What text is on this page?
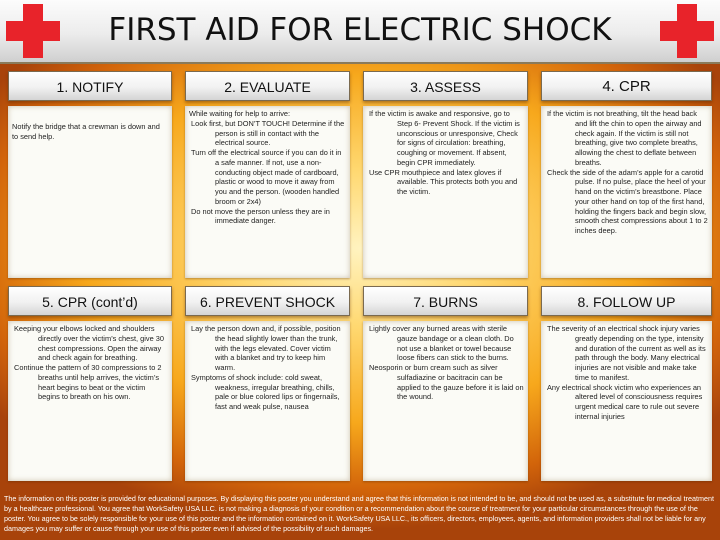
FIRST AID FOR ELECTRIC SHOCK
1. NOTIFY	2. EVALUATE	3. ASSESS	4. CPR

Notify the bridge that a crewman is down and to send help.

While waiting for help to arrive:

Look first, but DON’T TOUCH! Determine if the person is still in contact with the electrical source.

Turn off the electrical source if you can do it in a safe manner. If not, use a non-conducting object made of cardboard, plastic or wood to move it away from you and the person. (wooden handled broom or 2x4)

Do not move the person unless they are in immediate danger.

If the victim is awake and responsive, go to Step 6- Prevent Shock. If the victim is unconscious or unresponsive, Check for signs of circulation: breathing, coughing or movement. If absent, begin CPR immediately.

Use CPR mouthpiece and latex gloves if available. This protects both you and the victim.

If the victim is not breathing, tilt the head back and lift the chin to open the airway and check again. If the victim is still not breathing, give two complete breaths, allowing the chest to deflate between breaths.

Check the side of the adam’s apple for a carotid pulse. If no pulse, place the heel of your hand on the victim’s breastbone. Place your other hand on top of the first hand, holding the fingers back and begin slow, smooth chest compressions about 1 to 2 inches deep.

5. CPR (cont’d)	6. PREVENT SHOCK	7. BURNS	8. FOLLOW UP

Keeping your elbows locked and shoulders directly over the victim’s chest, give 30 chest compressions. Open the airway and check again for breathing.

Continue the pattern of 30 compressions to 2 breaths until help arrives, the victim’s heart begins to beat or the victim begins to breath on his own.

Lay the person down and, if possible, position the head slightly lower than the trunk, with the legs elevated. Cover victim with a blanket and try to keep him warm.

Symptoms of shock include: cold sweat, weakness, irregular breathing, chills, pale or blue colored lips or fingernails, fast and weak pulse, nausea

Lightly cover any burned areas with sterile gauze bandage or a clean cloth. Do not use a blanket or towel because loose fibers can stick to the burns.

Neosporin or burn cream such as silver sulfadiazine or bacitracin can be applied to the gauze before it is laid on the wound.

The severity of an electrical shock injury varies greatly depending on the type, intensity and duration of the current as well as its path through the body. Many electrical injuries are not visible and make take time to manifest.

Any electrical shock victim who experiences an altered level of consciousness requires urgent medical care to rule out severe internal injuries

The information on this poster is provided for educational purposes. By displaying this poster you understand and agree that this information is not intended to be, and should not be used as, a substitute for medical treatment by a healthcare professional. You agree that WorkSafety USA LLC. is not making a diagnosis of your condition or a recommendation about the course of treatment for your particular circumstances through the use of the poster. You agree to be solely responsible for your use of this poster and the information contained on it. WorkSafety USA LLC., its officers, directors, employees, agents, and information providers shall not be liable for any damages you may suffer or cause through your use of this poster even if advised of the possibility of such damages.
